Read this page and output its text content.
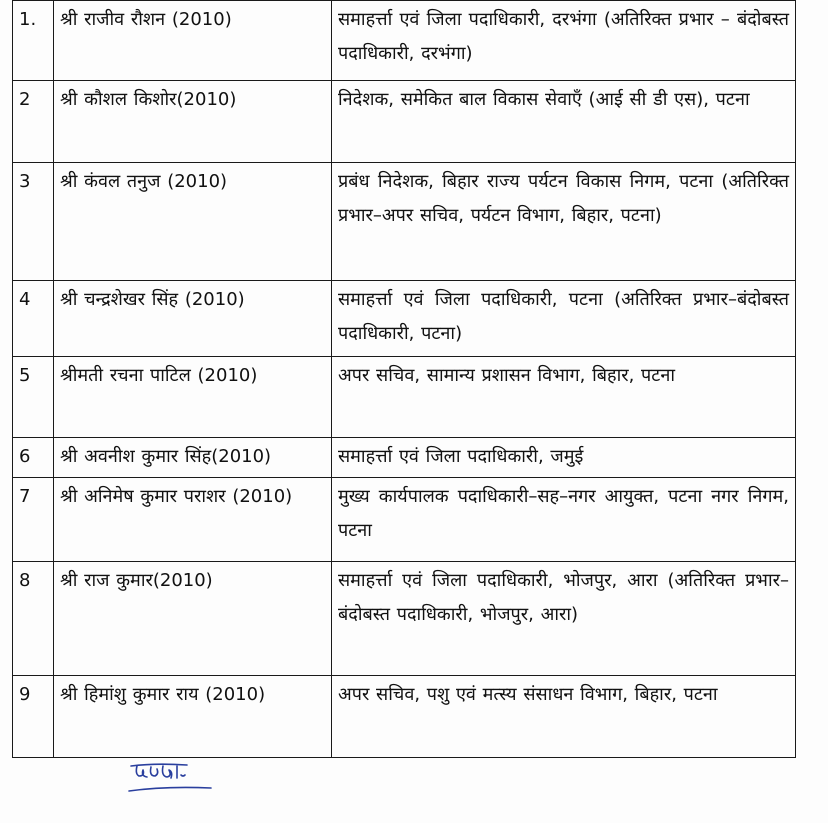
1.	श्री राजीव रौशन (2010)	समाहर्त्ता एवं जिला पदाधिकारी, दरभंगा (अतिरिक्त प्रभार – बंदोबस्त पदाधिकारी, दरभंगा)
2	श्री कौशल किशोर(2010)	निदेशक, समेकित बाल विकास सेवाएँ (आई सी डी एस), पटना
3	श्री कंवल तनुज (2010)	प्रबंध निदेशक, बिहार राज्य पर्यटन विकास निगम, पटना (अतिरिक्त प्रभार–अपर सचिव, पर्यटन विभाग, बिहार, पटना)
4	श्री चन्द्रशेखर सिंह (2010)	समाहर्त्ता एवं जिला पदाधिकारी, पटना (अतिरिक्त प्रभार–बंदोबस्त पदाधिकारी, पटना)
5	श्रीमती रचना पाटिल (2010)	अपर सचिव, सामान्य प्रशासन विभाग, बिहार, पटना
6	श्री अवनीश कुमार सिंह(2010)	समाहर्त्ता एवं जिला पदाधिकारी, जमुई
7	श्री अनिमेष कुमार पराशर (2010)	मुख्य कार्यपालक पदाधिकारी–सह–नगर आयुक्त, पटना नगर निगम, पटना
8	श्री राज कुमार(2010)	समाहर्त्ता एवं जिला पदाधिकारी, भोजपुर, आरा (अतिरिक्त प्रभार–बंदोबस्त पदाधिकारी, भोजपुर, आरा)
9	श्री हिमांशु कुमार राय (2010)	अपर सचिव, पशु एवं मत्स्य संसाधन विभाग, बिहार, पटना
